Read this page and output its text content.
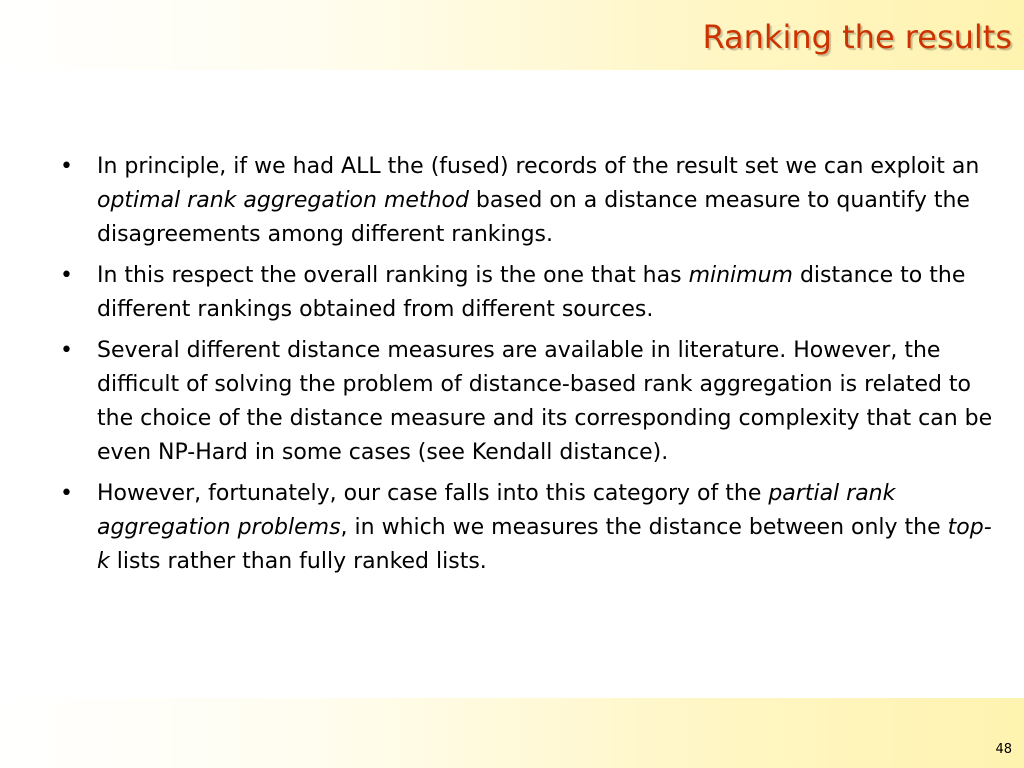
Ranking the results
• In principle, if we had ALL the (fused) records of the result set we can exploit an optimal rank aggregation method based on a distance measure to quantify the disagreements among different rankings.
• In this respect the overall ranking is the one that has minimum distance to the different rankings obtained from different sources.
• Several different distance measures are available in literature. However, the difficult of solving the problem of distance-based rank aggregation is related to the choice of the distance measure and its corresponding complexity that can be even NP-Hard in some cases (see Kendall distance).
• However, fortunately, our case falls into this category of the partial rank aggregation problems, in which we measures the distance between only the top-k lists rather than fully ranked lists.
48
